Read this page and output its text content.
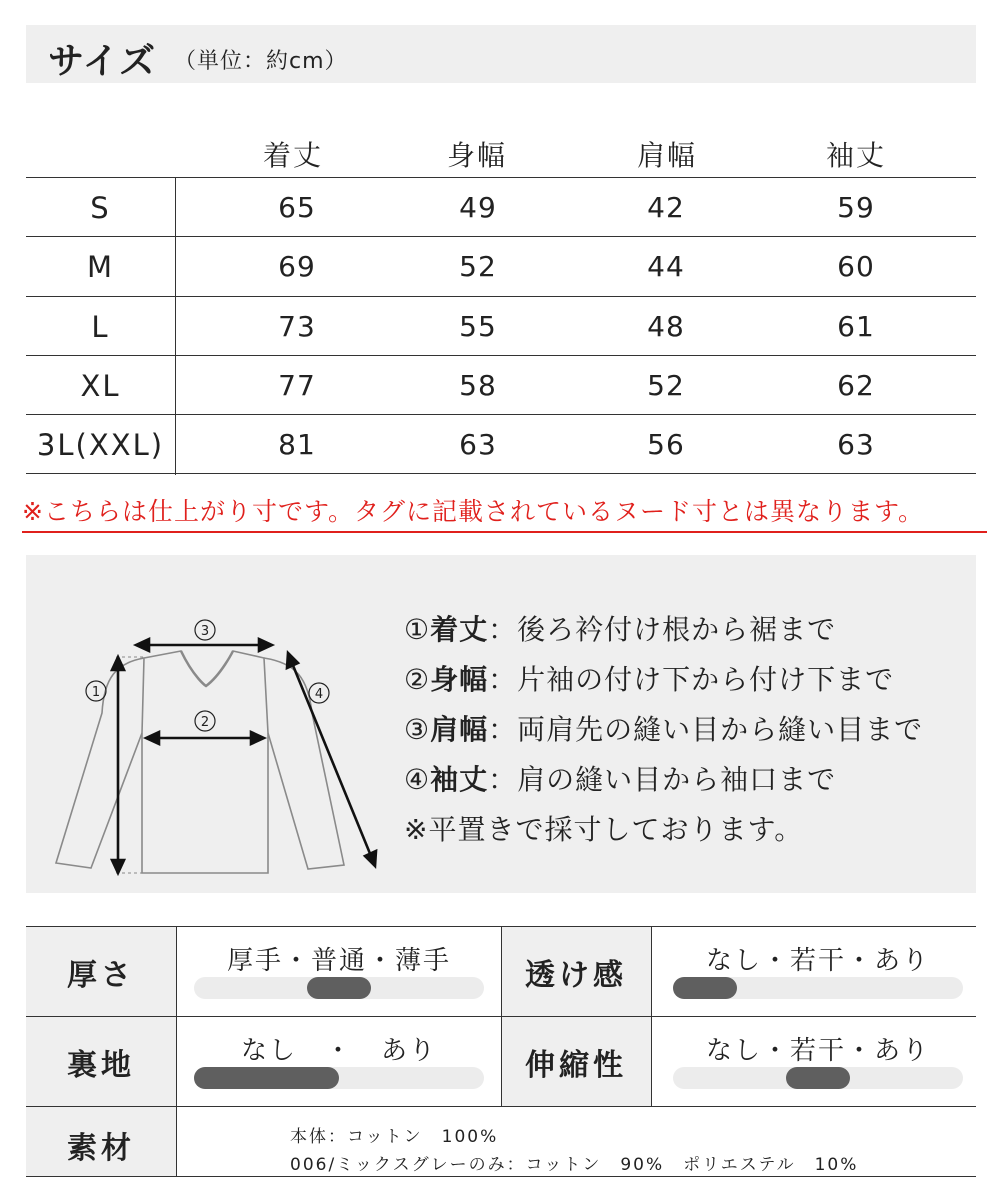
サイズ （単位：約cm）
着丈	身幅	肩幅	袖丈
S	65	49	42	59
M	69	52	44	60
L	73	55	48	61
XL	77	58	52	62
3L(XXL)	81	63	56	63
※こちらは仕上がり寸です。タグに記載されているヌード寸とは異なります。
1
3
2
4
①着丈：後ろ衿付け根から裾まで
②身幅：片袖の付け下から付け下まで
③肩幅：両肩先の縫い目から縫い目まで
④袖丈：肩の縫い目から袖口まで
※平置きで採寸しております。
厚さ	厚手・普通・薄手	透け感	なし・若干・あり
裏地	なし　・　あり	伸縮性	なし・若干・あり
素材	本体：コットン　100%
006/ミックスグレーのみ：コットン　90%　ポリエステル　10%
